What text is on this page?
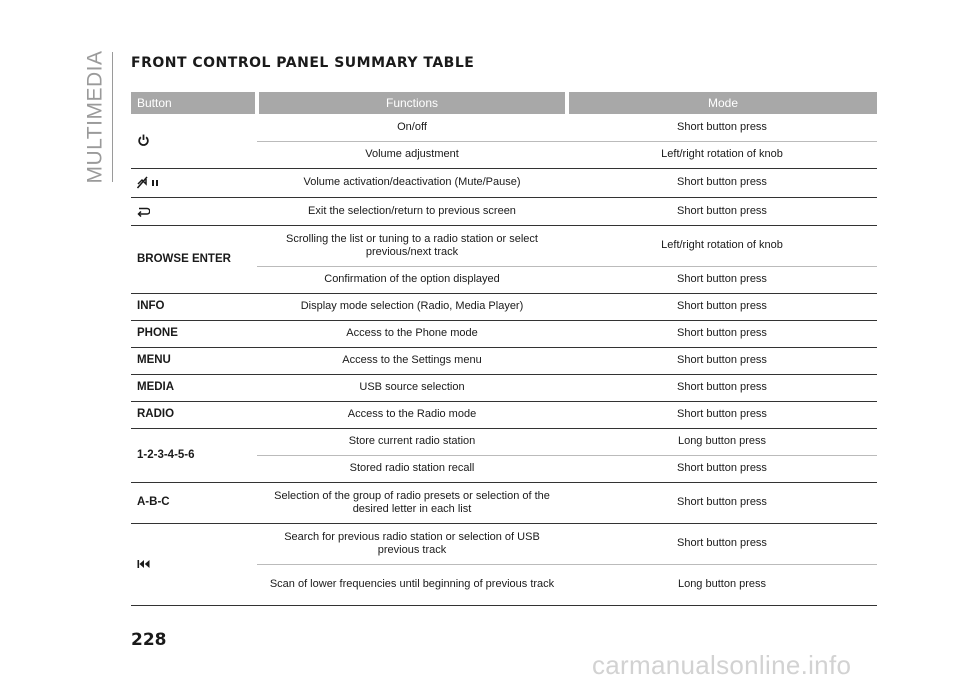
MULTIMEDIA FRONT CONTROL PANEL SUMMARY TABLE
Button	Functions	Mode

	On/off	Short button press
	Volume adjustment	Left/right rotation of knob

	Volume activation/deactivation (Mute/Pause)	Short button press

	Exit the selection/return to previous screen	Short button press
BROWSE ENTER	Scrolling the list or tuning to a radio station or select previous/next track	Left/right rotation of knob
	Confirmation of the option displayed	Short button press
INFO	Display mode selection (Radio, Media Player)	Short button press
PHONE	Access to the Phone mode	Short button press
MENU	Access to the Settings menu	Short button press
MEDIA	USB source selection	Short button press
RADIO	Access to the Radio mode	Short button press
1-2-3-4-5-6	Store current radio station	Long button press
	Stored radio station recall	Short button press
A-B-C	Selection of the group of radio presets or selection of the desired letter in each list	Short button press

	Search for previous radio station or selection of USB previous track	Short button press
	Scan of lower frequencies until beginning of previous track	Long button press

228

carmanualsonline.info
